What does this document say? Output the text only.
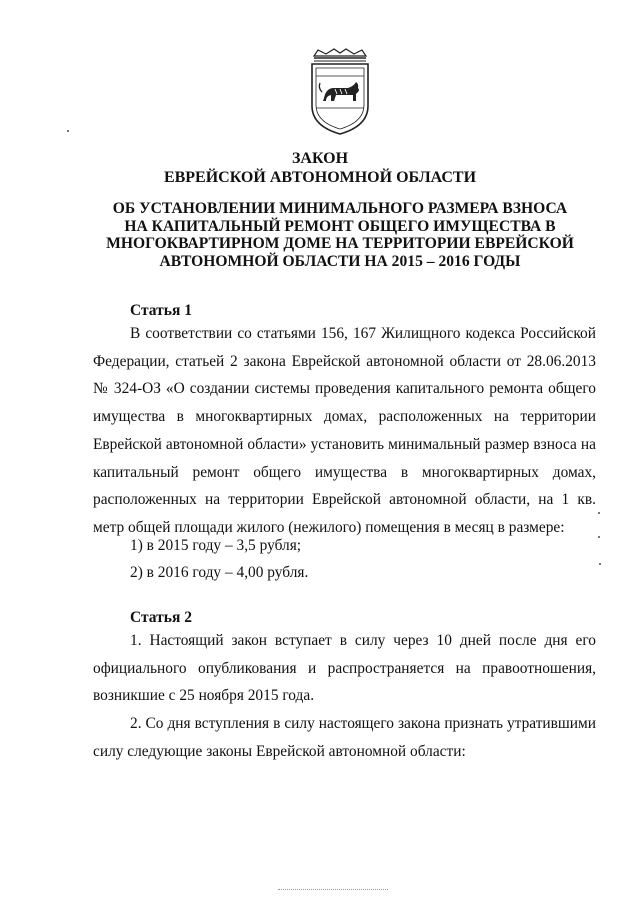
ЗАКОН
ЕВРЕЙСКОЙ АВТОНОМНОЙ ОБЛАСТИ
ОБ УСТАНОВЛЕНИИ МИНИМАЛЬНОГО РАЗМЕРА ВЗНОСА НА КАПИТАЛЬНЫЙ РЕМОНТ ОБЩЕГО ИМУЩЕСТВА В МНОГОКВАРТИРНОМ ДОМЕ НА ТЕРРИТОРИИ ЕВРЕЙСКОЙ АВТОНОМНОЙ ОБЛАСТИ НА 2015 – 2016 ГОДЫ
Статья 1

В соответствии со статьями 156, 167 Жилищного кодекса Российской Федерации, статьей 2 закона Еврейской автономной области от 28.06.2013 № 324-ОЗ «О создании системы проведения капитального ремонта общего имущества в многоквартирных домах, расположенных на территории Еврейской автономной области» установить минимальный размер взноса на капитальный ремонт общего имущества в многоквартирных домах, расположенных на территории Еврейской автономной области, на 1 кв. метр общей площади жилого (нежилого) помещения в месяц в размере:

1) в 2015 году – 3,5 рубля;
2) в 2016 году – 4,00 рубля.
Статья 2

1. Настоящий закон вступает в силу через 10 дней после дня его официального опубликования и распространяется на правоотношения, возникшие с 25 ноября 2015 года.

2. Со дня вступления в силу настоящего закона признать утратившими силу следующие законы Еврейской автономной области:
